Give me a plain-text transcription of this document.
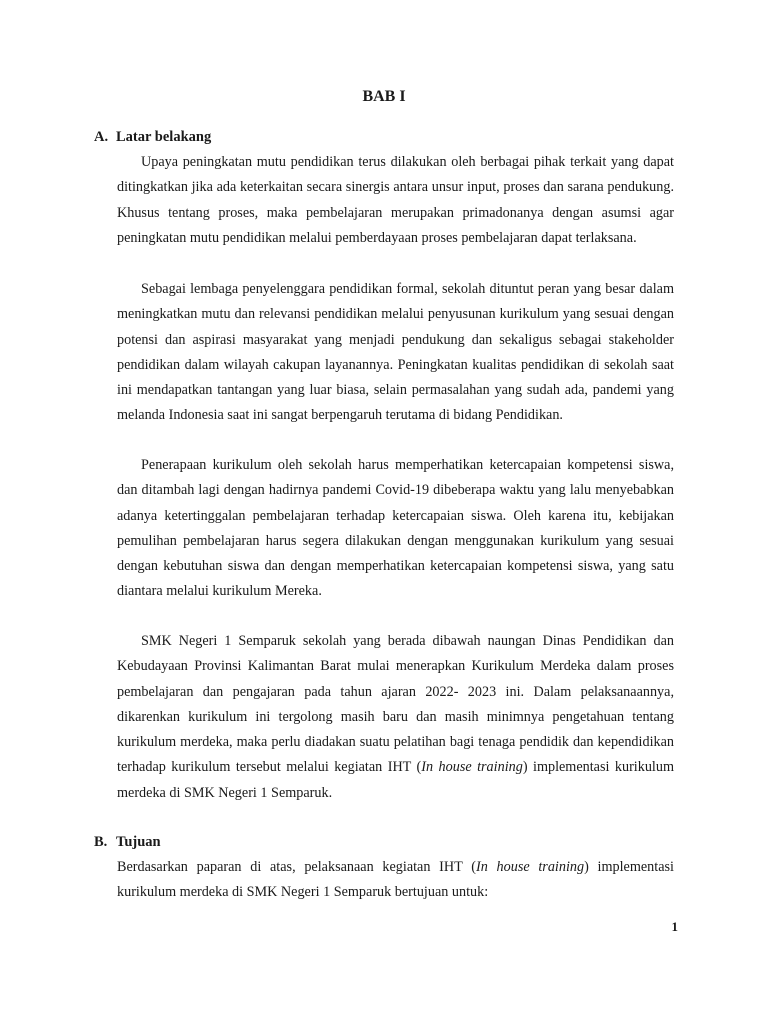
BAB I
A. Latar belakang

Upaya peningkatan mutu pendidikan terus dilakukan oleh berbagai pihak terkait yang dapat ditingkatkan jika ada keterkaitan secara sinergis antara unsur input, proses dan sarana pendukung. Khusus tentang proses, maka pembelajaran merupakan primadonanya dengan asumsi agar peningkatan mutu pendidikan melalui pemberdayaan proses pembelajaran dapat terlaksana.

Sebagai lembaga penyelenggara pendidikan formal, sekolah dituntut peran yang besar dalam meningkatkan mutu dan relevansi pendidikan melalui penyusunan kurikulum yang sesuai dengan potensi dan aspirasi masyarakat yang menjadi pendukung dan sekaligus sebagai stakeholder pendidikan dalam wilayah cakupan layanannya. Peningkatan kualitas pendidikan di sekolah saat ini mendapatkan tantangan yang luar biasa, selain permasalahan yang sudah ada, pandemi yang melanda Indonesia saat ini sangat berpengaruh terutama di bidang Pendidikan.

Penerapaan kurikulum oleh sekolah harus memperhatikan ketercapaian kompetensi siswa, dan ditambah lagi dengan hadirnya pandemi Covid-19 dibeberapa waktu yang lalu menyebabkan adanya ketertinggalan pembelajaran terhadap ketercapaian siswa. Oleh karena itu, kebijakan pemulihan pembelajaran harus segera dilakukan dengan menggunakan kurikulum yang sesuai dengan kebutuhan siswa dan dengan memperhatikan ketercapaian kompetensi siswa, yang satu diantara melalui kurikulum Mereka.

SMK Negeri 1 Semparuk sekolah yang berada dibawah naungan Dinas Pendidikan dan Kebudayaan Provinsi Kalimantan Barat mulai menerapkan Kurikulum Merdeka dalam proses pembelajaran dan pengajaran pada tahun ajaran 2022- 2023 ini. Dalam pelaksanaannya, dikarenkan kurikulum ini tergolong masih baru dan masih minimnya pengetahuan tentang kurikulum merdeka, maka perlu diadakan suatu pelatihan bagi tenaga pendidik dan kependidikan terhadap kurikulum tersebut melalui kegiatan IHT (In house training) implementasi kurikulum merdeka di SMK Negeri 1 Semparuk.

B. Tujuan

Berdasarkan paparan di atas, pelaksanaan kegiatan IHT (In house training) implementasi kurikulum merdeka di SMK Negeri 1 Semparuk bertujuan untuk:

1
